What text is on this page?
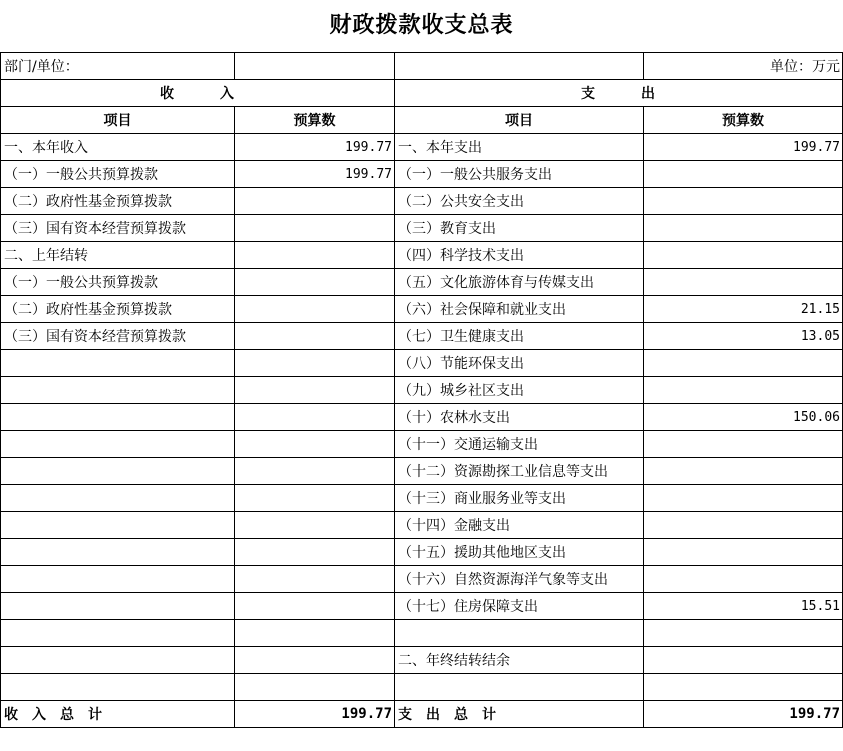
财政拨款收支总表
部门/单位：			单位：万元
收　　　入		支　　　出	
项目	预算数	项目	预算数
一、本年收入	199.77	一、本年支出	199.77
（一）一般公共预算拨款	199.77	（一）一般公共服务支出	
（二）政府性基金预算拨款		（二）公共安全支出	
（三）国有资本经营预算拨款		（三）教育支出	
二、上年结转		（四）科学技术支出	
（一）一般公共预算拨款		（五）文化旅游体育与传媒支出	
（二）政府性基金预算拨款		（六）社会保障和就业支出	21.15
（三）国有资本经营预算拨款		（七）卫生健康支出	13.05
		（八）节能环保支出	
		（九）城乡社区支出	
		（十）农林水支出	150.06
		（十一）交通运输支出	
		（十二）资源勘探工业信息等支出	
		（十三）商业服务业等支出	
		（十四）金融支出	
		（十五）援助其他地区支出	
		（十六）自然资源海洋气象等支出	
		（十七）住房保障支出	15.51

		二、年终结转结余	

收　入　总　计	199.77	支　出　总　计	199.77
